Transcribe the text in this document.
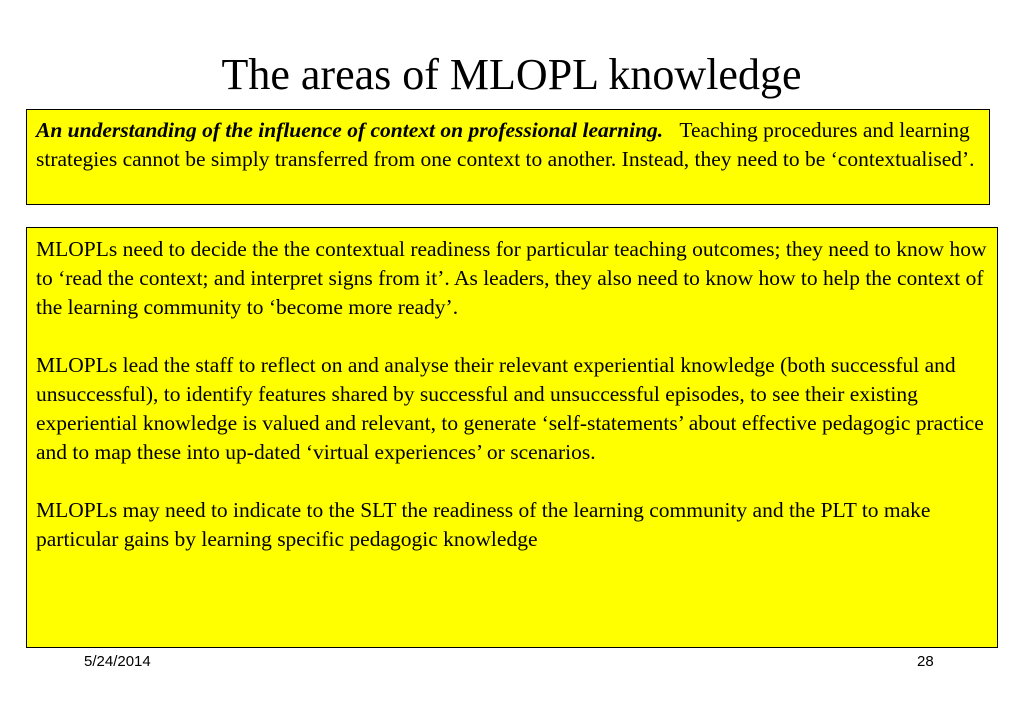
The areas of MLOPL knowledge
An understanding of the influence of context on professional learning. Teaching procedures and learning strategies cannot be simply transferred from one context to another. Instead, they need to be ‘contextualised’.

MLOPLs need to decide the the contextual readiness for particular teaching outcomes; they need to know how to ‘read the context; and interpret signs from it’. As leaders, they also need to know how to help the context of the learning community to ‘become more ready’.

MLOPLs lead the staff to reflect on and analyse their relevant experiential knowledge (both successful and unsuccessful), to identify features shared by successful and unsuccessful episodes, to see their existing experiential knowledge is valued and relevant, to generate ‘self-statements’ about effective pedagogic practice and to map these into up-dated ‘virtual experiences’ or scenarios.

MLOPLs may need to indicate to the SLT the readiness of the learning community and the PLT to make particular gains by learning specific pedagogic knowledge

5/24/2014	28
